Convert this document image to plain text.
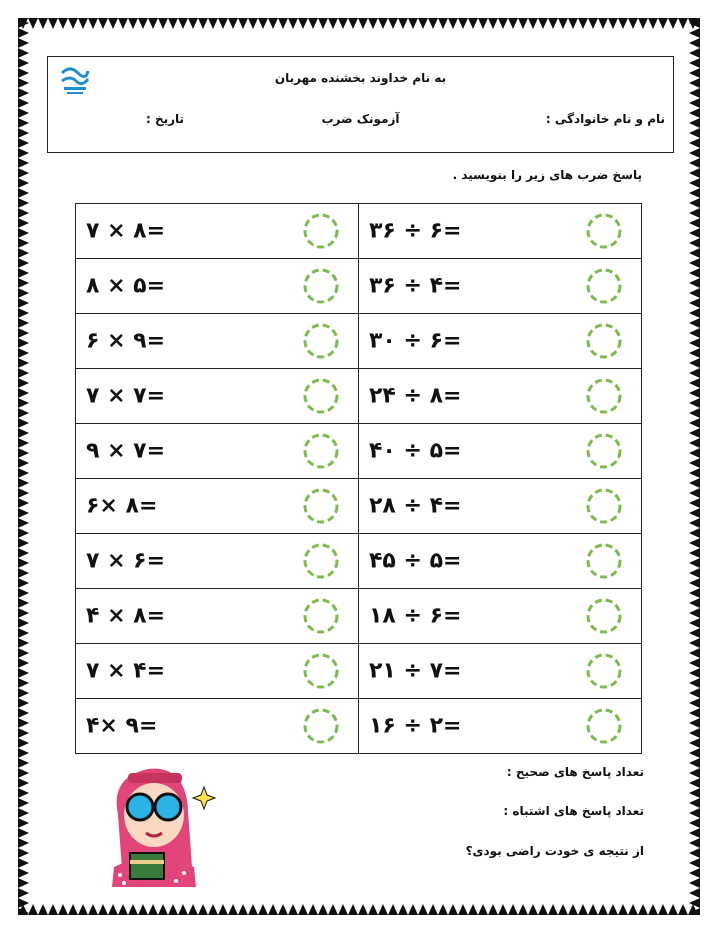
به نام خداوند بخشنده مهربان
نام و نام خانوادگی :
آزمونک ضرب
تاریخ :
پاسخ ضرب های زیر را بنویسید .
۷ × ۸=	۳۶ ÷ ۶=

۸ × ۵=	۳۶ ÷ ۴=

۶ × ۹=	۳۰ ÷ ۶=

۷ × ۷=	۲۴ ÷ ۸=

۹ × ۷=	۴۰ ÷ ۵=

۶× ۸=	۲۸ ÷ ۴=

۷ × ۶=	۴۵ ÷ ۵=

۴ × ۸=	۱۸ ÷ ۶=

۷ × ۴=	۲۱ ÷ ۷=

۴× ۹=	۱۶ ÷ ۲=
تعداد پاسخ های صحیح :
تعداد پاسخ های اشتباه :
از نتیجه ی خودت راضی بودی؟
